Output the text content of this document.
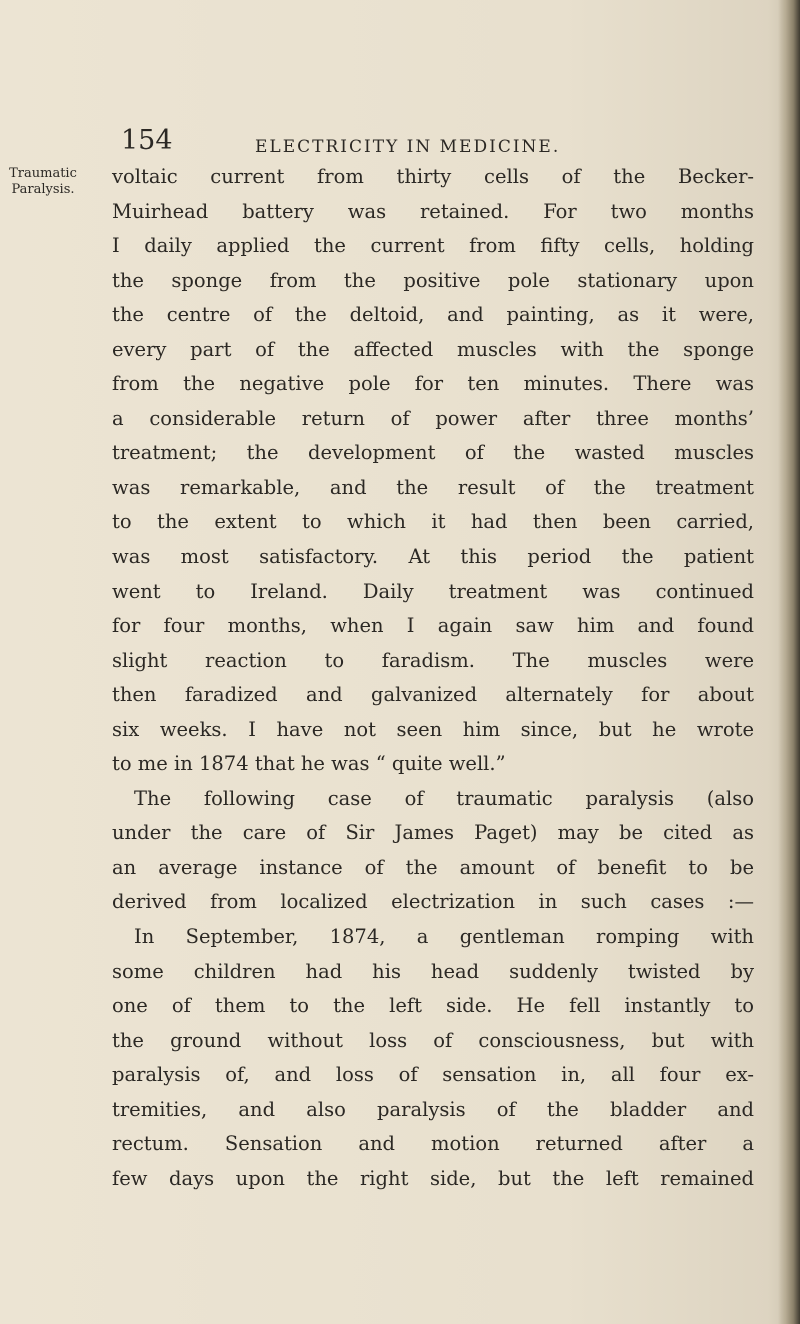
154	ELECTRICITY IN MEDICINE.
Traumatic
Paralysis.
voltaic current from thirty cells of the Becker-
Muirhead battery was retained. For two months
I daily applied the current from fifty cells, holding
the sponge from the positive pole stationary upon
the centre of the deltoid, and painting, as it were,
every part of the affected muscles with the sponge
from the negative pole for ten minutes. There was
a considerable return of power after three months’
treatment; the development of the wasted muscles
was remarkable, and the result of the treatment
to the extent to which it had then been carried,
was most satisfactory. At this period the patient
went to Ireland. Daily treatment was continued
for four months, when I again saw him and found
slight reaction to faradism. The muscles were
then faradized and galvanized alternately for about
six weeks. I have not seen him since, but he wrote
to me in 1874 that he was “ quite well.”
The following case of traumatic paralysis (also
under the care of Sir James Paget) may be cited as
an average instance of the amount of benefit to be
derived from localized electrization in such cases :—
In September, 1874, a gentleman romping with
some children had his head suddenly twisted by
one of them to the left side. He fell instantly to
the ground without loss of consciousness, but with
paralysis of, and loss of sensation in, all four ex-
tremities, and also paralysis of the bladder and
rectum. Sensation and motion returned after a
few days upon the right side, but the left remained
